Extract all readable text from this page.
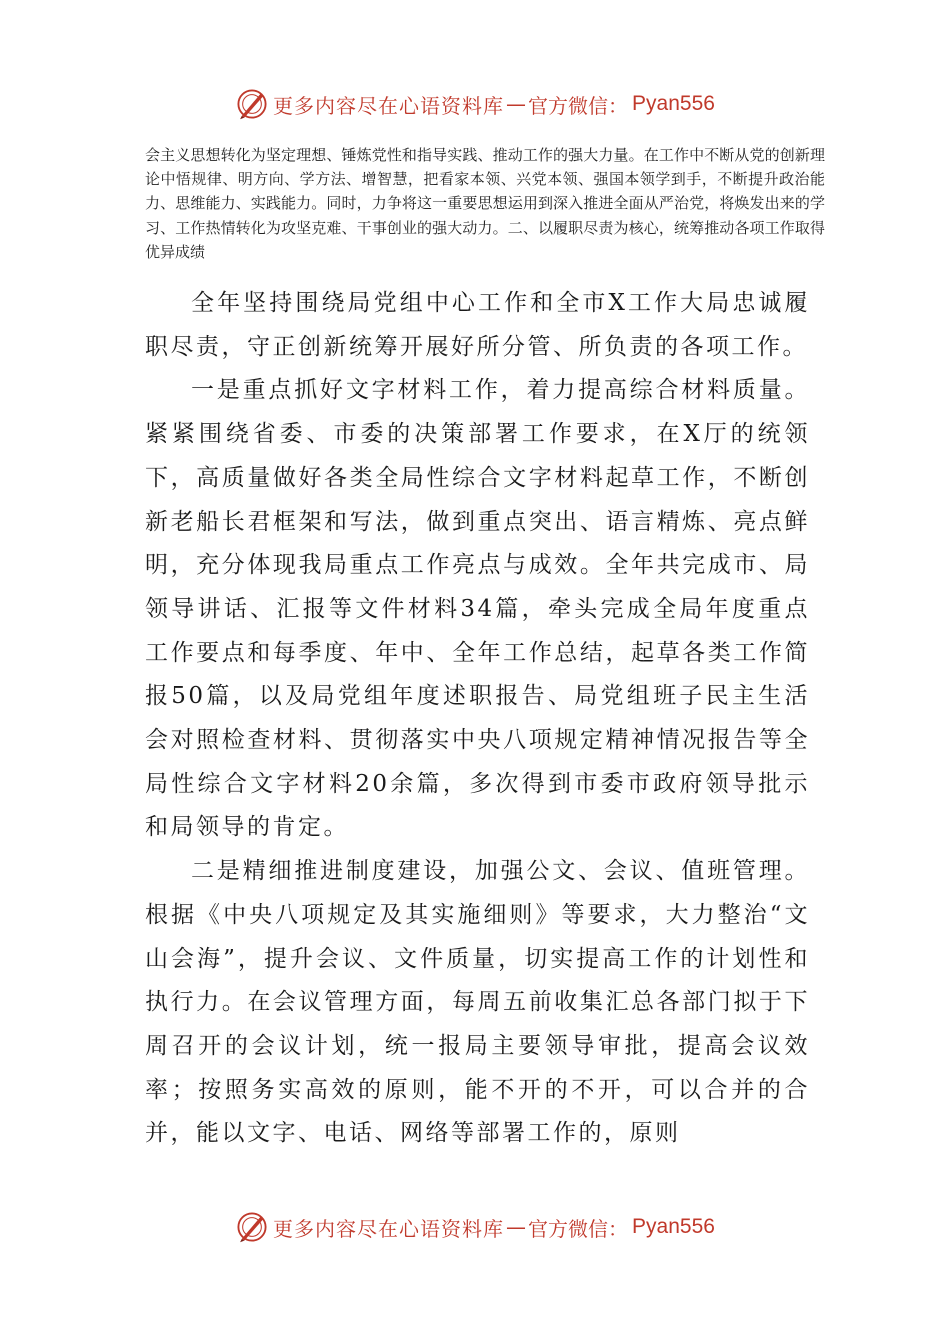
更多内容尽在心语资料库 — 官方微信： Pyan556

会主义思想转化为坚定理想、锤炼党性和指导实践、推动工作的强大力量。在工作中不断从党的创新理论中悟规律、明方向、学方法、增智慧，把看家本领、兴党本领、强国本领学到手，不断提升政治能力、思维能力、实践能力。同时，力争将这一重要思想运用到深入推进全面从严治党，将焕发出来的学习、工作热情转化为攻坚克难、干事创业的强大动力。二、以履职尽责为核心，统筹推动各项工作取得优异成绩

全年坚持围绕局党组中心工作和全市X工作大局忠诚履职尽责，守正创新统筹开展好所分管、所负责的各项工作。

一是重点抓好文字材料工作，着力提高综合材料质量。紧紧围绕省委、市委的决策部署工作要求，在X厅的统领下，高质量做好各类全局性综合文字材料起草工作，不断创新老船长君框架和写法，做到重点突出、语言精炼、亮点鲜明，充分体现我局重点工作亮点与成效。全年共完成市、局领导讲话、汇报等文件材料34篇，牵头完成全局年度重点工作要点和每季度、年中、全年工作总结，起草各类工作简报50篇，以及局党组年度述职报告、局党组班子民主生活会对照检查材料、贯彻落实中央八项规定精神情况报告等全局性综合文字材料20余篇，多次得到市委市政府领导批示和局领导的肯定。

二是精细推进制度建设，加强公文、会议、值班管理。根据《中央八项规定及其实施细则》等要求，大力整治“文山会海”，提升会议、文件质量，切实提高工作的计划性和执行力。在会议管理方面，每周五前收集汇总各部门拟于下周召开的会议计划，统一报局主要领导审批，提高会议效率；按照务实高效的原则，能不开的不开，可以合并的合并，能以文字、电话、网络等部署工作的，原则

更多内容尽在心语资料库 — 官方微信： Pyan556
